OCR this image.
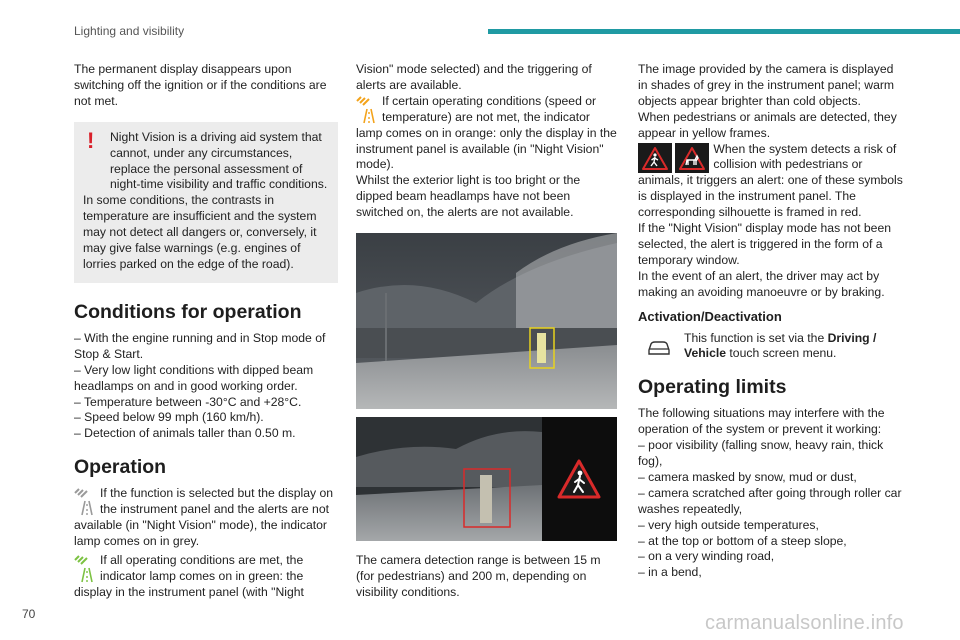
Lighting and visibility

The permanent display disappears upon switching off the ignition or if the conditions are not met.

!	Night Vision is a driving aid system that cannot, under any circumstances, replace the personal assessment of night-time visibility and traffic conditions.

In some conditions, the contrasts in temperature are insufficient and the system may not detect all dangers or, conversely, it may give false warnings (e.g. engines of lorries parked on the edge of the road).

Conditions for operation

– With the engine running and in Stop mode of Stop & Start.

– Very low light conditions with dipped beam headlamps on and in good working order.

– Temperature between -30°C and +28°C.

– Speed below 99 mph (160 km/h).

– Detection of animals taller than 0.50 m.

Operation

If the function is selected but the display on the instrument panel and the alerts are not available (in "Night Vision" mode), the indicator lamp comes on in grey.

If all operating conditions are met, the indicator lamp comes on in green: the display in the instrument panel (with "Night

Vision" mode selected) and the triggering of alerts are available.

If certain operating conditions (speed or temperature) are not met, the indicator lamp comes on in orange: only the display in the instrument panel is available (in "Night Vision" mode).

Whilst the exterior light is too bright or the dipped beam headlamps have not been switched on, the alerts are not available.

The camera detection range is between 15 m (for pedestrians) and 200 m, depending on visibility conditions.

The image provided by the camera is displayed in shades of grey in the instrument panel; warm objects appear brighter than cold objects.

When pedestrians or animals are detected, they appear in yellow frames.

When the system detects a risk of collision with pedestrians or animals, it triggers an alert: one of these symbols is displayed in the instrument panel. The corresponding silhouette is framed in red.

If the "Night Vision" display mode has not been selected, the alert is triggered in the form of a temporary window.

In the event of an alert, the driver may act by making an avoiding manoeuvre or by braking.

Activation/Deactivation

This function is set via the Driving / Vehicle touch screen menu.

Operating limits

The following situations may interfere with the operation of the system or prevent it working:

– poor visibility (falling snow, heavy rain, thick fog),

– camera masked by snow, mud or dust,

– camera scratched after going through roller car washes repeatedly,

– very high outside temperatures,

– at the top or bottom of a steep slope,

– on a very winding road,

– in a bend,

70	carmanualsonline.info
